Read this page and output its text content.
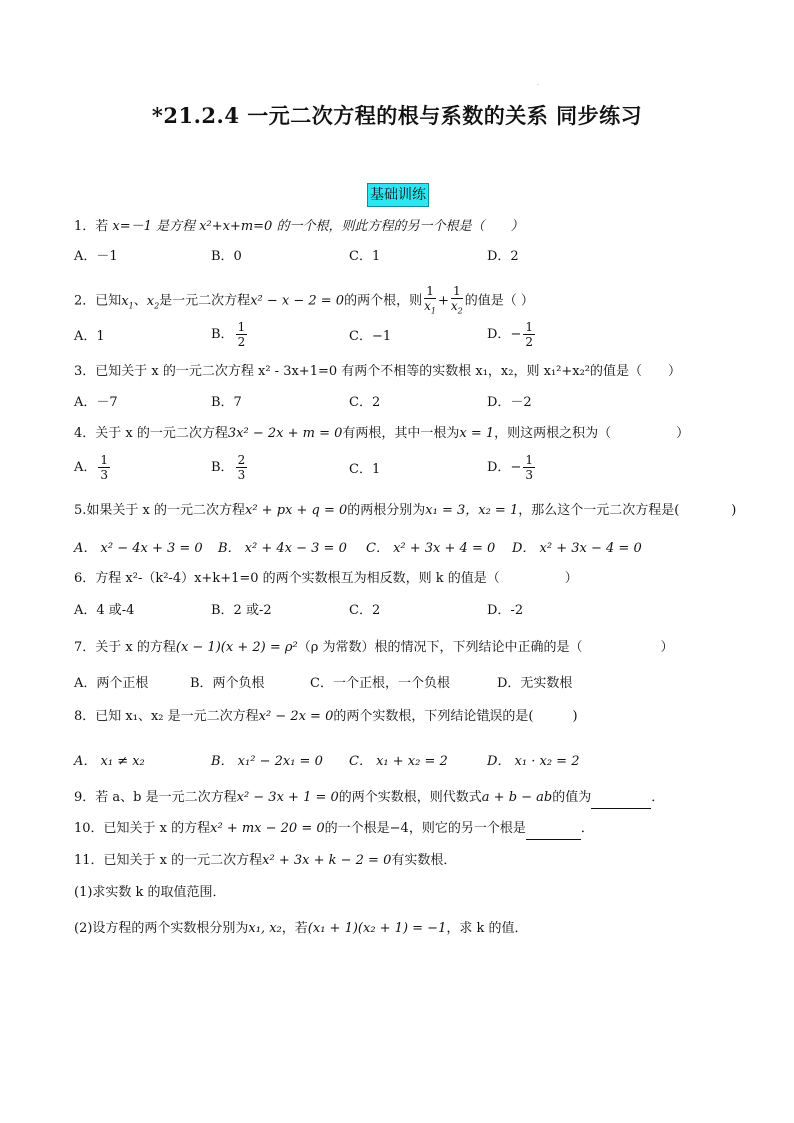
·
*21.2.4 一元二次方程的根与系数的关系 同步练习
基础训练
1．若 x=－1 是方程 x²+x+m=0 的一个根，则此方程的另一个根是（　　）
A．－1	B．0	C．1	D．2
2．已知$x_1$、$x_2$是一元二次方程x² − x − 2 = 0的两个根，则 $\frac{1}{x_1} + \frac{1}{x_2}$ 的值是（ ）
A．1	B． $\frac{1}{2}$	C．−1	D．− $\frac{1}{2}$
3．已知关于 x 的一元二次方程 x² - 3x+1=0 有两个不相等的实数根 x₁，x₂，则 x₁²+x₂²的值是（　　）
A．－7	B．7	C．2	D．－2
4．关于 x 的一元二次方程3x² − 2x + m = 0有两根，其中一根为x = 1，则这两根之积为（　　　　　）
A． $\frac{1}{3}$	B． $\frac{2}{3}$	C．1	D．− $\frac{1}{3}$
5.如果关于 x 的一元二次方程x² + px + q = 0的两根分别为x₁ = 3，x₂ = 1，那么这个一元二次方程是(　　　　)
A． x² − 4x + 3 = 0 B． x² + 4x − 3 = 0 C． x² + 3x + 4 = 0 D． x² + 3x − 4 = 0
6．方程 x²-（k²-4）x+k+1=0 的两个实数根互为相反数，则 k 的值是（　　　　　）
A．4 或-4	B．2 或-2	C．2	D．-2
7．关于 x 的方程(x − 1)(x + 2) = ρ²（ρ 为常数）根的情况下，下列结论中正确的是（　　　　　　）
A．两个正根	B．两个负根	C．一个正根，一个负根	D．无实数根
8．已知 x₁、x₂ 是一元二次方程x² − 2x = 0的两个实数根，下列结论错误的是(　　　)
A． x₁ ≠ x₂	B． x₁² − 2x₁ = 0 C． x₁ + x₂ = 2	D． x₁ · x₂ = 2
9．若 a、b 是一元二次方程x² − 3x + 1 = 0的两个实数根，则代数式a + b − ab的值为	．
10．已知关于 x 的方程x² + mx − 20 = 0的一个根是−4，则它的另一个根是	．
11．已知关于 x 的一元二次方程x² + 3x + k − 2 = 0有实数根．
(1)求实数 k 的取值范围．
(2)设方程的两个实数根分别为x₁, x₂，若(x₁ + 1)(x₂ + 1) = −1，求 k 的值．
